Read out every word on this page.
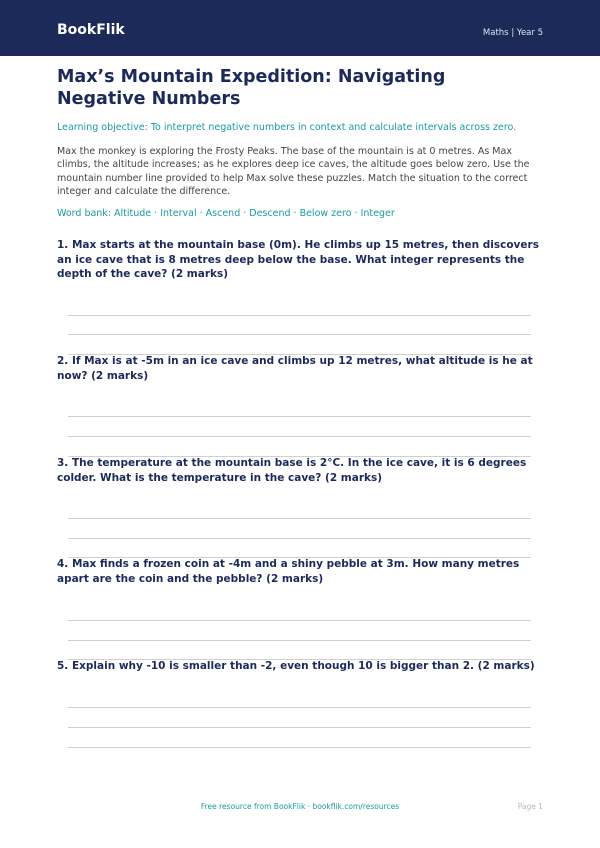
BookFlik	Maths | Year 5
Max’s Mountain Expedition: Navigating Negative Numbers

Learning objective: To interpret negative numbers in context and calculate intervals across zero.

Max the monkey is exploring the Frosty Peaks. The base of the mountain is at 0 metres. As Max climbs, the altitude increases; as he explores deep ice caves, the altitude goes below zero. Use the mountain number line provided to help Max solve these puzzles. Match the situation to the correct integer and calculate the difference.

Word bank: Altitude · Interval · Ascend · Descend · Below zero · Integer

1. Max starts at the mountain base (0m). He climbs up 15 metres, then discovers an ice cave that is 8 metres deep below the base. What integer represents the depth of the cave? (2 marks)

2. If Max is at -5m in an ice cave and climbs up 12 metres, what altitude is he at now? (2 marks)

3. The temperature at the mountain base is 2°C. In the ice cave, it is 6 degrees colder. What is the temperature in the cave? (2 marks)

4. Max finds a frozen coin at -4m and a shiny pebble at 3m. How many metres apart are the coin and the pebble? (2 marks)

5. Explain why -10 is smaller than -2, even though 10 is bigger than 2. (2 marks)

Free resource from BookFlik · bookflik.com/resources	Page 1
